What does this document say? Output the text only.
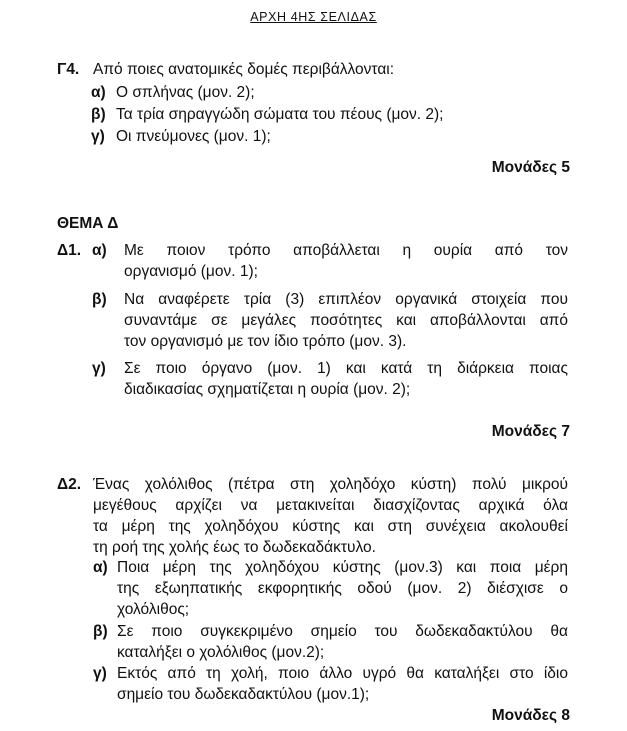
ΑΡΧΗ 4ΗΣ ΣΕΛΙΔΑΣ
Γ4. Από ποιες ανατομικές δομές περιβάλλονται:
α) Ο σπλήνας (μον. 2);
β) Τα τρία σηραγγώδη σώματα του πέους (μον. 2);
γ) Οι πνεύμονες (μον. 1);
Μονάδες 5
ΘΕΜΑ Δ
Δ1. α) Με ποιον τρόπο αποβάλλεται η ουρία από τον
οργανισμό (μον. 1);
β) Να αναφέρετε τρία (3) επιπλέον οργανικά στοιχεία που
συναντάμε σε μεγάλες ποσότητες και αποβάλλονται από
τον οργανισμό με τον ίδιο τρόπο (μον. 3).
γ) Σε ποιο όργανο (μον. 1) και κατά τη διάρκεια ποιας
διαδικασίας σχηματίζεται η ουρία (μον. 2);
Μονάδες 7
Δ2. Ένας χολόλιθος (πέτρα στη χοληδόχο κύστη) πολύ μικρού
μεγέθους αρχίζει να μετακινείται διασχίζοντας αρχικά όλα
τα μέρη της χοληδόχου κύστης και στη συνέχεια ακολουθεί
τη ροή της χολής έως το δωδεκαδάκτυλο.
α) Ποια μέρη της χοληδόχου κύστης (μον.3) και ποια μέρη
της εξωηπατικής εκφορητικής οδού (μον. 2) διέσχισε ο
χολόλιθος;
β) Σε ποιο συγκεκριμένο σημείο του δωδεκαδακτύλου θα
καταλήξει ο χολόλιθος (μον.2);
γ) Εκτός από τη χολή, ποιο άλλο υγρό θα καταλήξει στο ίδιο
σημείο του δωδεκαδακτύλου (μον.1);
Μονάδες 8
